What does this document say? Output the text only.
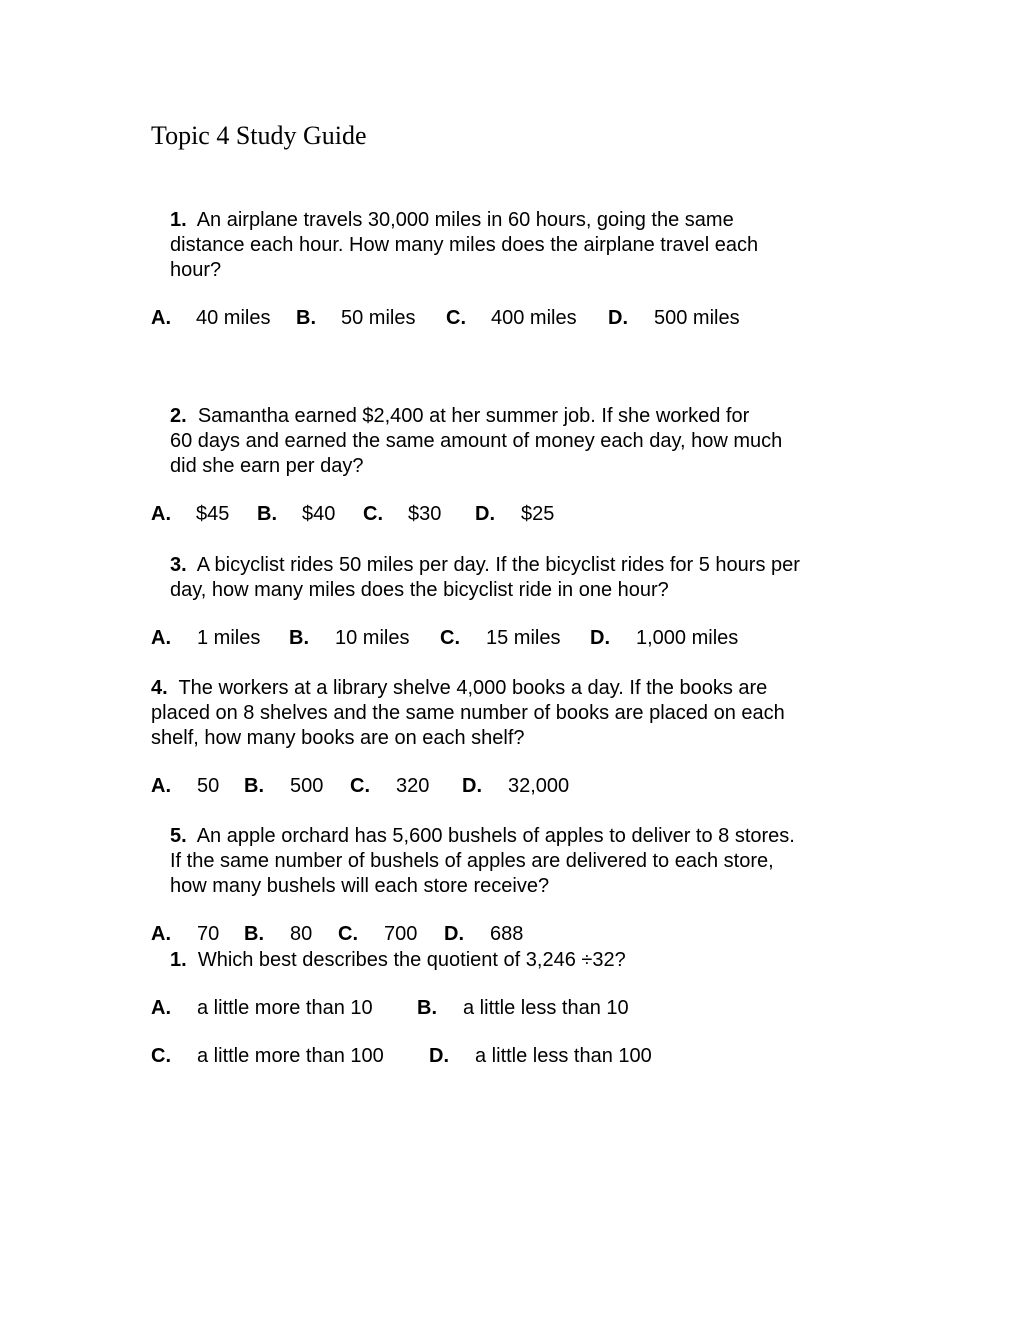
Topic 4 Study Guide
1. An airplane travels 30,000 miles in 60 hours, going the same
distance each hour. How many miles does the airplane travel each
hour?
A. 40 miles B. 50 miles C. 400 miles D. 500 miles
2. Samantha earned $2,400 at her summer job. If she worked for
60 days and earned the same amount of money each day, how much
did she earn per day?
A. $45 B. $40 C. $30 D. $25
3. A bicyclist rides 50 miles per day. If the bicyclist rides for 5 hours per
day, how many miles does the bicyclist ride in one hour?
A. 1 miles B. 10 miles C. 15 miles D. 1,000 miles
4. The workers at a library shelve 4,000 books a day. If the books are
placed on 8 shelves and the same number of books are placed on each
shelf, how many books are on each shelf?
A. 50 B. 500 C. 320 D. 32,000
5. An apple orchard has 5,600 bushels of apples to deliver to 8 stores.
If the same number of bushels of apples are delivered to each store,
how many bushels will each store receive?
A. 70 B. 80 C. 700 D. 688
1. Which best describes the quotient of 3,246 ÷32?
A. a little more than 10 B. a little less than 10
C. a little more than 100 D. a little less than 100
